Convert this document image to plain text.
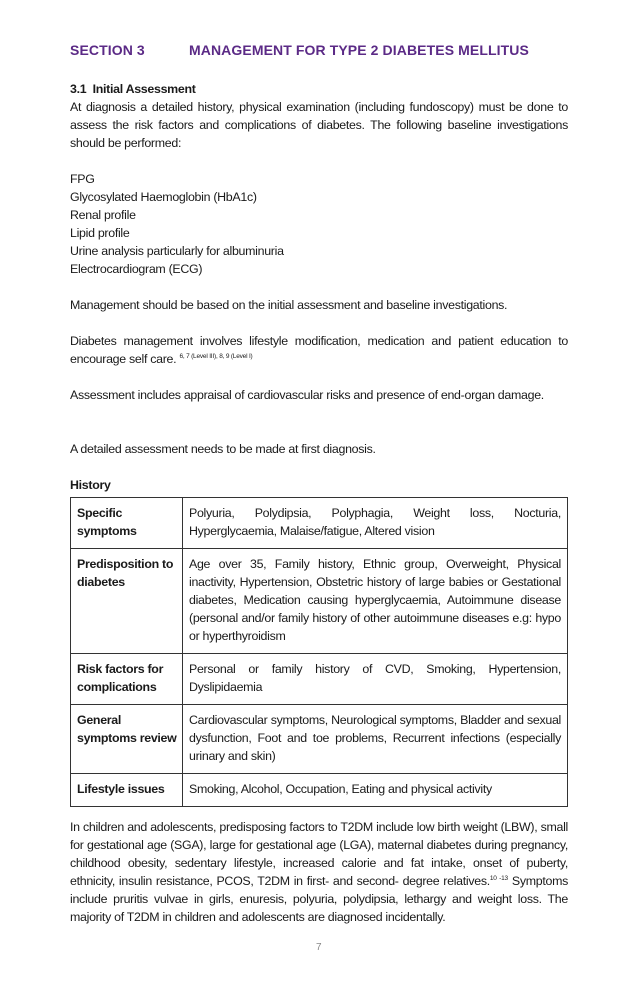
SECTION 3	MANAGEMENT FOR TYPE 2 DIABETES MELLITUS
3.1 Initial Assessment
At diagnosis a detailed history, physical examination (including fundoscopy) must be done to assess the risk factors and complications of diabetes. The following baseline investigations should be performed:
FPG
Glycosylated Haemoglobin (HbA1c)
Renal profile
Lipid profile
Urine analysis particularly for albuminuria
Electrocardiogram (ECG)
Management should be based on the initial assessment and baseline investigations.
Diabetes management involves lifestyle modification, medication and patient education to encourage self care. $^{6, 7 (Level III), 8, 9 (Level I)}$
Assessment includes appraisal of cardiovascular risks and presence of end-organ damage.
A detailed assessment needs to be made at first diagnosis.
History
Specific symptoms	Polyuria, Polydipsia, Polyphagia, Weight loss, Nocturia, Hyperglycaemia, Malaise/fatigue, Altered vision
Predisposition to diabetes	Age over 35, Family history, Ethnic group, Overweight, Physical inactivity, Hypertension, Obstetric history of large babies or Gestational diabetes, Medication causing hyperglycaemia, Autoimmune disease (personal and/or family history of other autoimmune diseases e.g: hypo or hyperthyroidism
Risk factors for complications	Personal or family history of CVD, Smoking, Hypertension, Dyslipidaemia
General symptoms review	Cardiovascular symptoms, Neurological symptoms, Bladder and sexual dysfunction, Foot and toe problems, Recurrent infections (especially urinary and skin)
Lifestyle issues	Smoking, Alcohol, Occupation, Eating and physical activity
In children and adolescents, predisposing factors to T2DM include low birth weight (LBW), small for gestational age (SGA), large for gestational age (LGA), maternal diabetes during pregnancy, childhood obesity, sedentary lifestyle, increased calorie and fat intake, onset of puberty, ethnicity, insulin resistance, PCOS, T2DM in first- and second- degree relatives.$^{10 -13}$ Symptoms include pruritis vulvae in girls, enuresis, polyuria, polydipsia, lethargy and weight loss. The majority of T2DM in children and adolescents are diagnosed incidentally.
7
